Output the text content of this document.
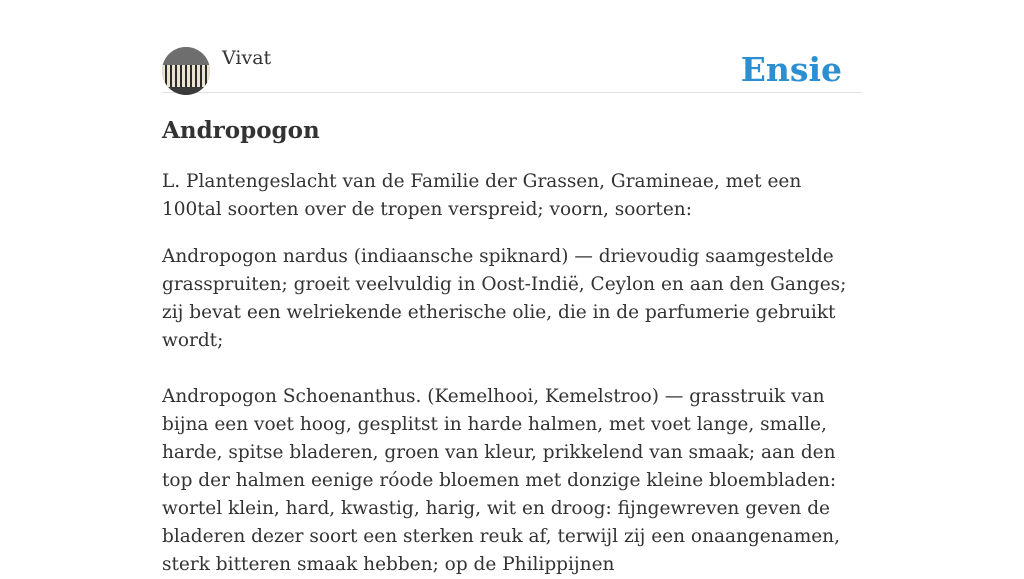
Vivat	Ensie
Andropogon

L. Plantengeslacht van de Familie der Grassen, Gramineae, met een 100tal soorten over de tropen verspreid; voorn, soorten:

Andropogon nardus (indiaansche spiknard) — drievoudig saamgestelde grasspruiten; groeit veelvuldig in Oost-Indië, Ceylon en aan den Ganges; zij bevat een welriekende etherische olie, die in de parfumerie gebruikt wordt;

Andropogon Schoenanthus. (Kemelhooi, Kemelstroo) — grasstruik van bijna een voet hoog, gesplitst in harde halmen, met voet lange, smalle, harde, spitse bladeren, groen van kleur, prikkelend van smaak; aan den top der halmen eenige róode bloemen met donzige kleine bloembladen: wortel klein, hard, kwastig, harig, wit en droog: fijngewreven geven de bladeren dezer soort een sterken reuk af, terwijl zij een onaangenamen, sterk bitteren smaak hebben; op de Philippijnen
